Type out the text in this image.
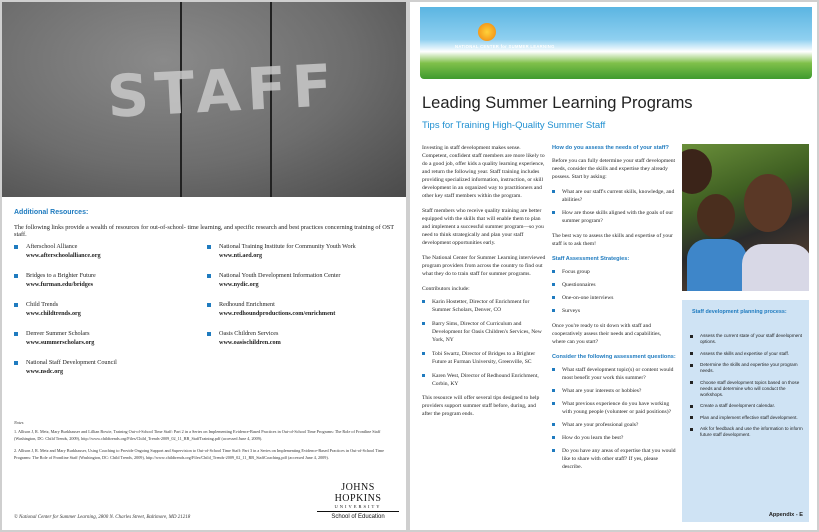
STAFF
Additional Resources:
The following links provide a wealth of resources for out-of-school- time learning, and specific research and best practices concerning training of OST staff.
Afterschool Alliance
www.afterschoolalliance.org
Bridges to a Brighter Future
www.furman.edu/bridges
Child Trends
www.childtrends.org
Denver Summer Scholars
www.summerscholars.org
National Staff Development Council
www.nsdc.org
National Training Institute for Community Youth Work
www.nti.aed.org
National Youth Development Information Center
www.nydic.org
Redhound Enrichment
www.redhoundproductions.com/enrichment
Oasis Children Services
www.oasischildren.com
Notes

1. Allison J, R. Metz, Mary Burkhauser and Lillian Bowie, Training Out-of-School Time Staff: Part 2 in a Series on Implementing Evidence-Based Practices in Out-of-School Time Programs: The Role of Frontline Staff (Washington, DC: Child Trends, 2009), http://www.childtrends.org/Files/Child_Trends-2009_02_11_RB_StaffTraining.pdf (accessed June 4, 2009).

2. Allison J, R. Metz and Mary Burkhauser, Using Coaching to Provide Ongoing Support and Supervision to Out-of-School Time Staff: Part 3 in a Series on Implementing Evidence-Based Practices in Out-of-School Time Programs: The Role of Frontline Staff (Washington, DC: Child Trends, 2009), http://www.childtrends.org/Files/Child_Trends-2009_02_11_RB_StaffCoaching.pdf (accessed June 4, 2009).

JOHNS HOPKINS
UNIVERSITY
School of Education
© National Center for Summer Learning, 2800 N. Charles Street, Baltimore, MD 21218
NATIONAL CENTER for SUMMER LEARNING
Leading Summer Learning Programs
Tips for Training High-Quality Summer Staff

Investing in staff development makes sense. Competent, confident staff members are more likely to do a good job, offer kids a quality learning experience, and return the following year. Staff training includes providing specialized information, instruction, or skill development in an organized way to practitioners and other key staff members within the program.

Staff members who receive quality training are better equipped with the skills that will enable them to plan and implement a successful summer program—so you need to think strategically and plan your staff development opportunities early.

The National Center for Summer Learning interviewed program providers from across the country to find out what they do to train staff for summer programs.

Contributors include:
Karin Hostetter, Director of Enrichment for Summer Scholars, Denver, CO
Barry Sims, Director of Curriculum and Development for Oasis Children's Services, New York, NY
Tobi Swartz, Director of Bridges to a Brighter Future at Furman University, Greenville, SC
Karen West, Director of Redhound Enrichment, Corbin, KY

This resource will offer several tips designed to help providers support summer staff before, during, and after the program ends.

How do you assess the needs of your staff?

Before you can fully determine your staff development needs, consider the skills and expertise they already possess. Start by asking:

What are our staff's current skills, knowledge, and abilities?
How are those skills aligned with the goals of our summer program?

The best way to assess the skills and expertise of your staff is to ask them!

Staff Assessment Strategies:
Focus group
Questionnaires
One-on-one interviews
Surveys

Once you're ready to sit down with staff and cooperatively assess their needs and capabilities, where can you start?

Consider the following assessment questions:
What staff development topic(s) or content would most benefit your work this summer?
What are your interests or hobbies?
What previous experience do you have working with young people (volunteer or paid positions)?
What are your professional goals?
How do you learn the best?
Do you have any areas of expertise that you would like to share with other staff? If yes, please describe.
Staff development planning process:
Assess the current state of your staff development options.
Assess the skills and expertise of your staff.
Determine the skills and expertise your program needs.
Choose staff development topics based on those needs and determine who will conduct the workshops.
Create a staff development calendar.
Plan and implement effective staff development.
Ask for feedback and use the information to inform future staff development.
Appendix - E
